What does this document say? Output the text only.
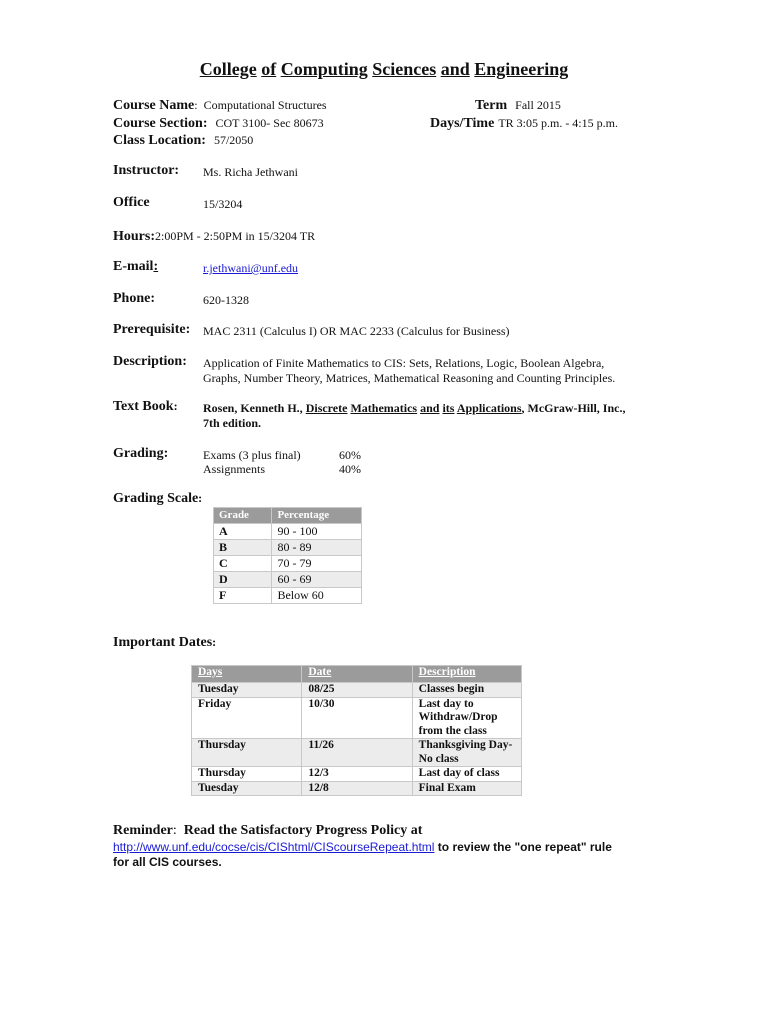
College of Computing Sciences and Engineering
Course Name:  Computational Structures
Course Section: COT 3100- Sec 80673
Class Location: 57/2050
Term Fall 2015
Days/Time TR 3:05 p.m. - 4:15 p.m.
Instructor: Ms. Richa Jethwani
Office	15/3204
Hours:2:00PM - 2:50PM in 15/3204 TR
E-mail:	r.jethwani@unf.edu
Phone:	620-1328
Prerequisite: MAC 2311 (Calculus I) OR MAC 2233 (Calculus for Business)
Description: Application of Finite Mathematics to CIS: Sets, Relations, Logic, Boolean Algebra,
Graphs, Number Theory, Matrices, Mathematical Reasoning and Counting Principles.
Text Book: Rosen, Kenneth H., Discrete Mathematics and its Applications, McGraw-Hill, Inc.,
7th edition.
Grading:	Exams (3 plus final)	60%
Assignments	40%
Grading Scale:
Grade	Percentage
A	90 - 100
B	80 - 89
C	70 - 79
D	60 - 69
F	Below 60
Important Dates:
Days	Date	Description
Tuesday	08/25	Classes begin
Friday	10/30	Last day to Withdraw/Drop from the class
Thursday	11/26	Thanksgiving Day-No class
Thursday	12/3	Last day of class
Tuesday	12/8	Final Exam
Reminder:  Read the Satisfactory Progress Policy at
http://www.unf.edu/cocse/cis/CIShtml/CIScourseRepeat.html to review the "one repeat" rule
for all CIS courses.
